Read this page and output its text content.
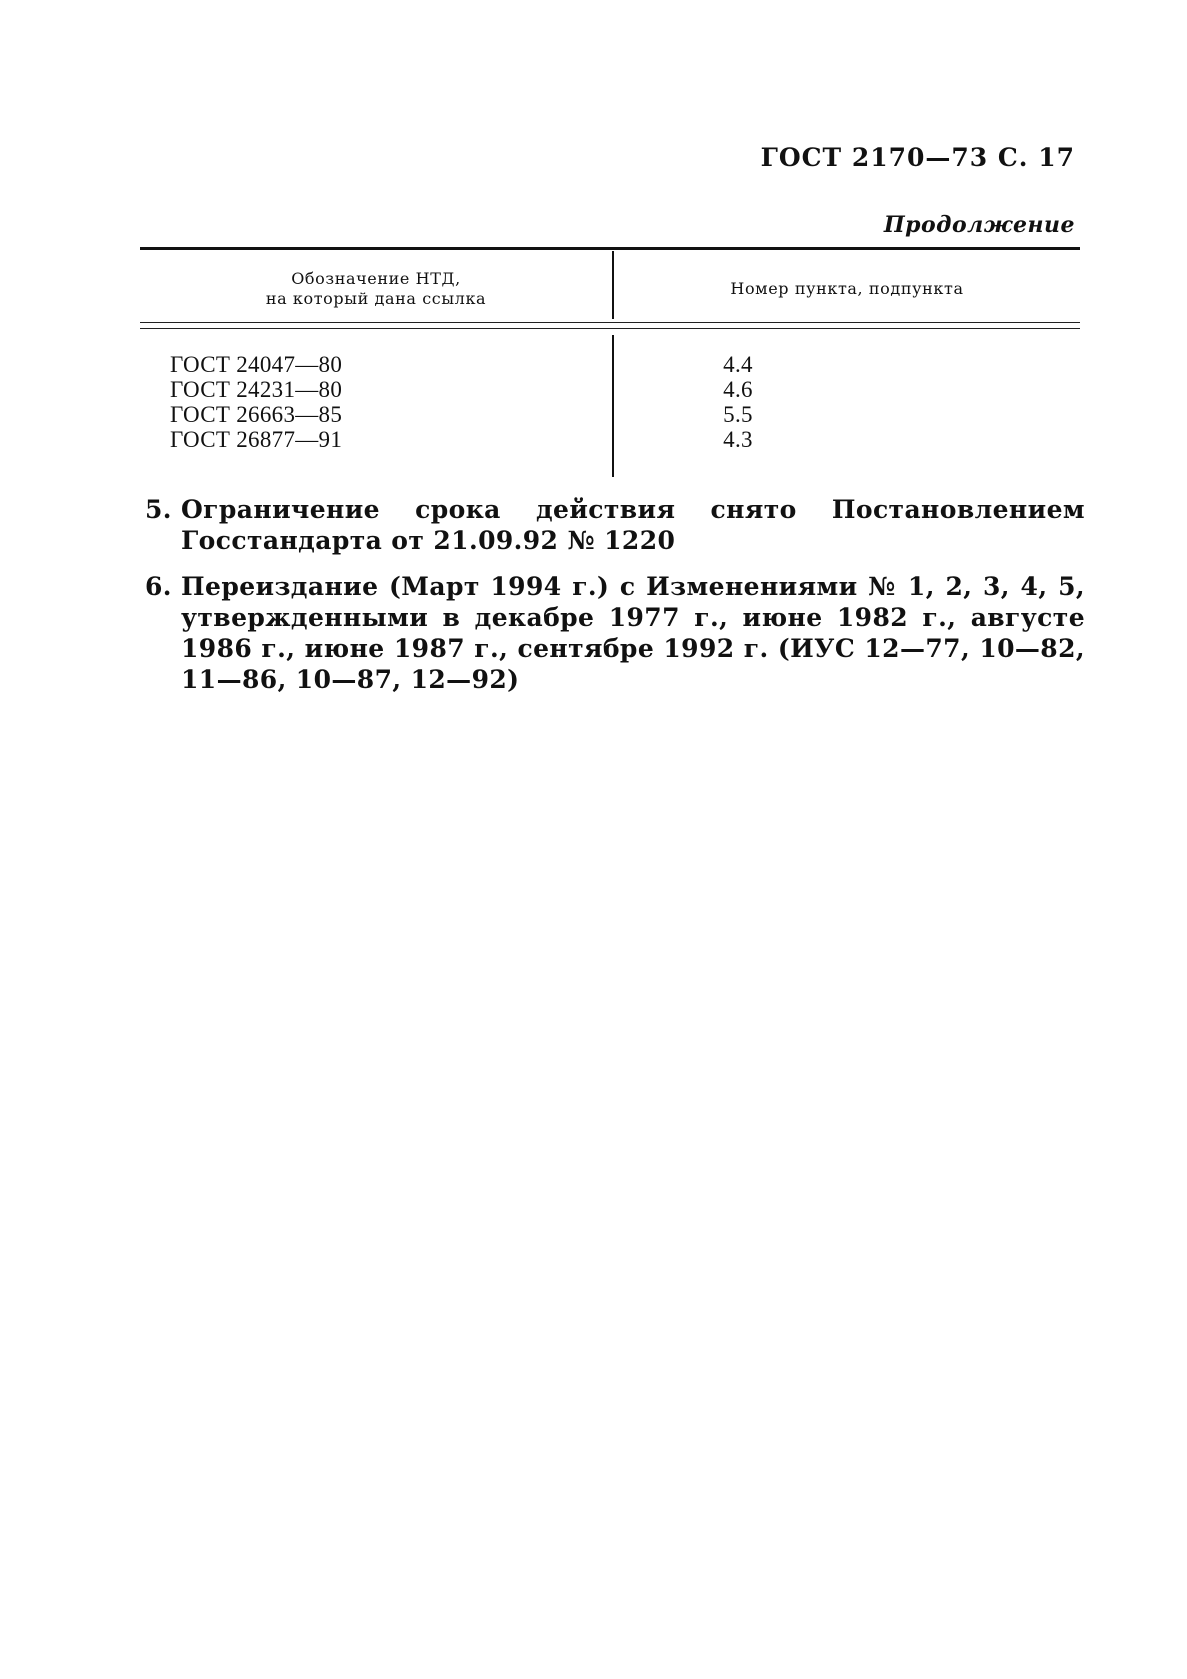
ГОСТ 2170—73 С. 17
Продолжение
Обозначение НТД,
на который дана ссылка
Номер пункта, подпункта
ГОСТ 24047—80
ГОСТ 24231—80
ГОСТ 26663—85
ГОСТ 26877—91
4.4
4.6
5.5
4.3
5. Ограничение срока действия снято Постановлением Госстандарта от 21.09.92 № 1220
6. Переиздание (Март 1994 г.) с Изменениями № 1, 2, 3, 4, 5, утвержденными в декабре 1977 г., июне 1982 г., августе 1986 г., июне 1987 г., сентябре 1992 г. (ИУС 12—77, 10—82, 11—86, 10—87, 12—92)
